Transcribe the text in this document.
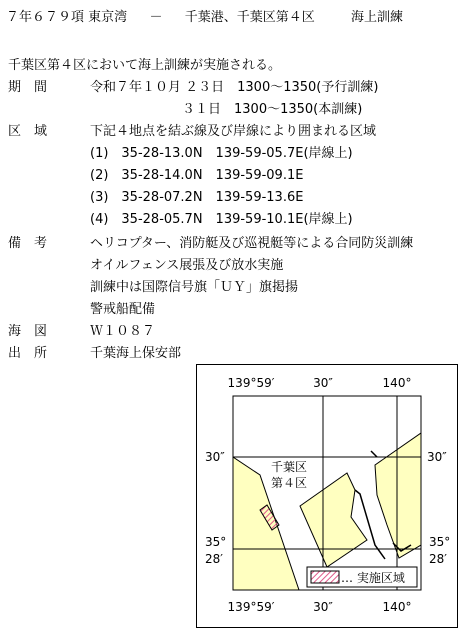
７年６７９項 東京湾 － 千葉港、千葉区第４区	海上訓練
千葉区第４区において海上訓練が実施される。
期　間	令和７年１０月 ２３日　1300～1350(予行訓練)
３１日　1300～1350(本訓練)
区　域	下記４地点を結ぶ線及び岸線により囲まれる区域
(1)　35-28-13.0N　139-59-05.7E(岸線上)
(2)　35-28-14.0N　139-59-09.1E
(3)　35-28-07.2N　139-59-13.6E
(4)　35-28-05.7N　139-59-10.1E(岸線上)
備　考	ヘリコプター、消防艇及び巡視艇等による合同防災訓練
オイルフェンス展張及び放水実施
訓練中は国際信号旗「ＵＹ」旗掲揚
警戒船配備
海　図	Ｗ１０８７
出　所	千葉海上保安部
139°59′	30″	140°
30″	30″
35°
28′
35°
28′
千葉区
第４区
… 実施区域
139°59′	30″	140°
